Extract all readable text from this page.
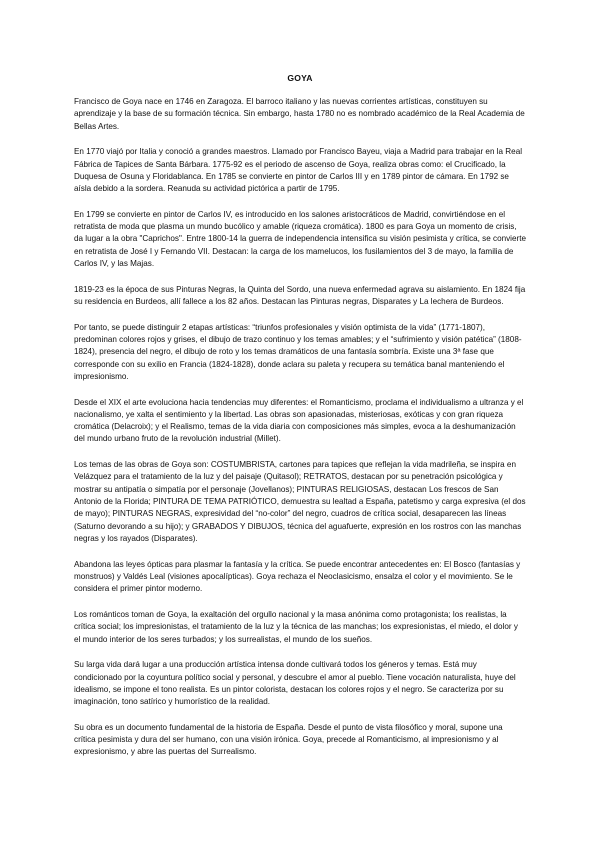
GOYA

Francisco de Goya nace en 1746 en Zaragoza. El barroco italiano y las nuevas corrientes artísticas, constituyen su aprendizaje y la base de su formación técnica. Sin embargo, hasta 1780 no es nombrado académico de la Real Academia de Bellas Artes.

En 1770 viajó por Italia y conoció a grandes maestros. Llamado por Francisco Bayeu, viaja a Madrid para trabajar en la Real Fábrica de Tapices de Santa Bárbara. 1775-92 es el periodo de ascenso de Goya, realiza obras como: el Crucificado, la Duquesa de Osuna y Floridablanca. En 1785 se convierte en pintor de Carlos III y en 1789 pintor de cámara. En 1792 se aísla debido a la sordera. Reanuda su actividad pictórica a partir de 1795.

En 1799 se convierte en pintor de Carlos IV, es introducido en los salones aristocráticos de Madrid, convirtiéndose en el retratista de moda que plasma un mundo bucólico y amable (riqueza cromática). 1800 es para Goya un momento de crisis, da lugar a la obra "Caprichos". Entre 1800-14 la guerra de independencia intensifica su visión pesimista y crítica, se convierte en retratista de José I y Fernando VII. Destacan: la carga de los mamelucos, los fusilamientos del 3 de mayo, la familia de Carlos IV, y las Majas.

1819-23 es la época de sus Pinturas Negras, la Quinta del Sordo, una nueva enfermedad agrava su aislamiento. En 1824 fija su residencia en Burdeos, allí fallece a los 82 años. Destacan las Pinturas negras, Disparates y La lechera de Burdeos.

Por tanto, se puede distinguir 2 etapas artísticas: “triunfos profesionales y visión optimista de la vida” (1771-1807), predominan colores rojos y grises, el dibujo de trazo continuo y los temas amables; y el “sufrimiento y visión patética” (1808-1824), presencia del negro, el dibujo de roto y los temas dramáticos de una fantasía sombría. Existe una 3ª fase que corresponde con su exilio en Francia (1824-1828), donde aclara su paleta y recupera su temática banal manteniendo el impresionismo.

Desde el XIX el arte evoluciona hacia tendencias muy diferentes: el Romanticismo, proclama el individualismo a ultranza y el nacionalismo, ye xalta el sentimiento y la libertad. Las obras son apasionadas, misteriosas, exóticas y con gran riqueza cromática (Delacroix); y el Realismo, temas de la vida diaria con composiciones más simples, evoca a la deshumanización del mundo urbano fruto de la revolución industrial (Millet).

Los temas de las obras de Goya son: COSTUMBRISTA, cartones para tapices que reflejan la vida madrileña, se inspira en Velázquez para el tratamiento de la luz y del paisaje (Quitasol); RETRATOS, destacan por su penetración psicológica y mostrar su antipatía o simpatía por el personaje (Jovellanos); PINTURAS RELIGIOSAS, destacan Los frescos de San Antonio de la Florida; PINTURA DE TEMA PATRIÓTICO, demuestra su lealtad a España, patetismo y carga expresiva (el dos de mayo); PINTURAS NEGRAS, expresividad del “no-color” del negro, cuadros de crítica social, desaparecen las líneas (Saturno devorando a su hijo); y GRABADOS Y DIBUJOS, técnica del aguafuerte, expresión en los rostros con las manchas negras y los rayados (Disparates).

Abandona las leyes ópticas para plasmar la fantasía y la crítica. Se puede encontrar antecedentes en: El Bosco (fantasías y monstruos) y Valdés Leal (visiones apocalípticas). Goya rechaza el Neoclasicismo, ensalza el color y el movimiento. Se le considera el primer pintor moderno.

Los románticos toman de Goya, la exaltación del orgullo nacional y la masa anónima como protagonista; los realistas, la crítica social; los impresionistas, el tratamiento de la luz y la técnica de las manchas; los expresionistas, el miedo, el dolor y el mundo interior de los seres turbados; y los surrealistas, el mundo de los sueños.

Su larga vida dará lugar a una producción artística intensa donde cultivará todos los géneros y temas. Está muy condicionado por la coyuntura político social y personal, y descubre el amor al pueblo. Tiene vocación naturalista, huye del idealismo, se impone el tono realista. Es un pintor colorista, destacan los colores rojos y el negro. Se caracteriza por su imaginación, tono satírico y humorístico de la realidad.

Su obra es un documento fundamental de la historia de España. Desde el punto de vista filosófico y moral, supone una crítica pesimista y dura del ser humano, con una visión irónica. Goya, precede al Romanticismo, al impresionismo y al expresionismo, y abre las puertas del Surrealismo.
